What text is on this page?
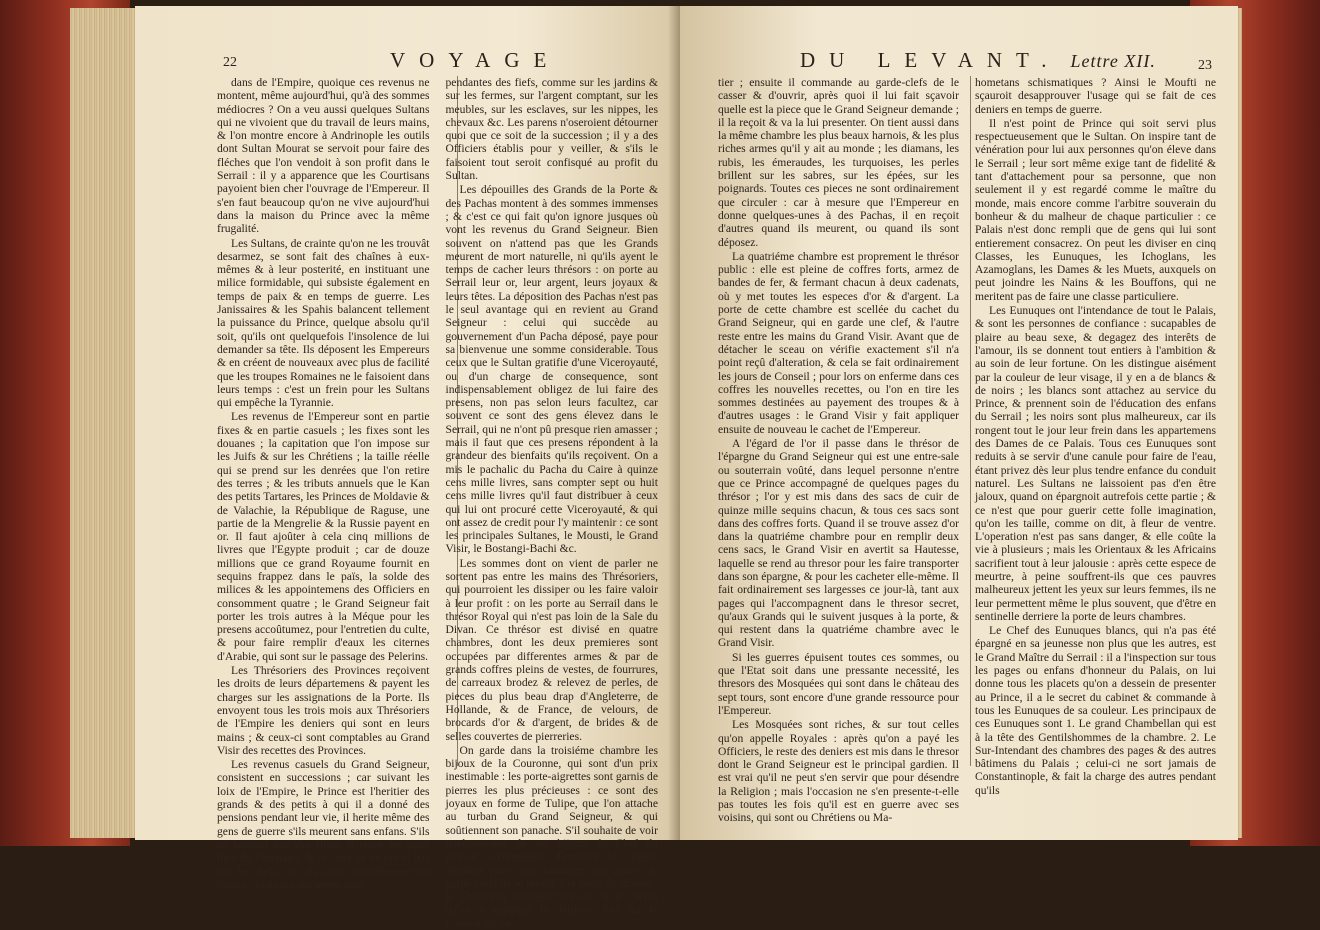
22	VOYAGE

dans de l'Empire, quoique ces revenus ne montent, même aujourd'hui, qu'à des sommes médiocres ? On a veu aussi quelques Sultans qui ne vivoient que du travail de leurs mains, & l'on montre encore à Andrinople les outils dont Sultan Mourat se servoit pour faire des fléches que l'on vendoit à son profit dans le Serrail : il y a apparence que les Courtisans payoient bien cher l'ouvrage de l'Empereur. Il s'en faut beaucoup qu'on ne vive aujourd'hui dans la maison du Prince avec la même frugalité.

Les Sultans, de crainte qu'on ne les trouvât desarmez, se sont fait des chaînes à eux-mêmes & à leur posterité, en instituant une milice formidable, qui subsiste également en temps de paix & en temps de guerre. Les Janissaires & les Spahis balancent tellement la puissance du Prince, quelque absolu qu'il soit, qu'ils ont quelquefois l'insolence de lui demander sa tête. Ils déposent les Empereurs & en créent de nouveaux avec plus de facilité que les troupes Romaines ne le faisoient dans leurs temps : c'est un frein pour les Sultans qui empêche la Tyrannie.

Les revenus de l'Empereur sont en partie fixes & en partie casuels ; les fixes sont les douanes ; la capitation que l'on impose sur les Juifs & sur les Chrétiens ; la taille réelle qui se prend sur les denrées que l'on retire des terres ; & les tributs annuels que le Kan des petits Tartares, les Princes de Moldavie & de Valachie, la République de Raguse, une partie de la Mengrelie & la Russie payent en or. Il faut ajoûter à cela cinq millions de livres que l'Egypte produit ; car de douze millions que ce grand Royaume fournit en sequins frappez dans le païs, la solde des milices & les appointemens des Officiers en consomment quatre ; le Grand Seigneur fait porter les trois autres à la Méque pour les presens accoûtumez, pour l'entretien du culte, & pour faire remplir d'eaux les citernes d'Arabie, qui sont sur le passage des Pelerins.

Les Thrésoriers des Provinces reçoivent les droits de leurs départemens & payent les charges sur les assignations de la Porte. Ils envoyent tous les trois mois aux Thrésoriers de l'Empire les deniers qui sont en leurs mains ; & ceux-ci sont comptables au Grand Visir des recettes des Provinces.

Les revenus casuels du Grand Seigneur, consistent en successions ; car suivant les loix de l'Empire, le Prince est l'heritier des grands & des petits à qui il a donné des pensions pendant leur vie, il herite même des gens de guerre s'ils meurent sans enfans. S'ils ne laissent que des filles, il retire les deux tiers de l'heritage, & ce tiers ne se prend pas sur les fiefs, car ils sont naturellement au Prince ; mais sur ses terres indé-

pendantes des fiefs, comme sur les jardins & sur les fermes, sur l'argent comptant, sur les meubles, sur les esclaves, sur les nippes, les chevaux &c. Les parens n'oseroient détourner quoi que ce soit de la succession ; il y a des Officiers établis pour y veiller, & s'ils le faisoient tout seroit confisqué au profit du Sultan.

Les dépouilles des Grands de la Porte & des Pachas montent à des sommes immenses ; & c'est ce qui fait qu'on ignore jusques où vont les revenus du Grand Seigneur. Bien souvent on n'attend pas que les Grands meurent de mort naturelle, ni qu'ils ayent le temps de cacher leurs thrésors : on porte au Serrail leur or, leur argent, leurs joyaux & leurs têtes. La déposition des Pachas n'est pas le seul avantage qui en revient au Grand Seigneur : celui qui succède au gouvernement d'un Pacha déposé, paye pour sa bienvenue une somme considerable. Tous ceux que le Sultan gratifie d'une Viceroyauté, ou d'un charge de consequence, sont indispensablement obligez de lui faire des presens, non pas selon leurs facultez, car souvent ce sont des gens élevez dans le Serrail, qui ne n'ont pû presque rien amasser ; mais il faut que ces presens répondent à la grandeur des bienfaits qu'ils reçoivent. On a mis le pachalic du Pacha du Caire à quinze cens mille livres, sans compter sept ou huit cens mille livres qu'il faut distribuer à ceux qui lui ont procuré cette Viceroyauté, & qui ont assez de credit pour l'y maintenir : ce sont les principales Sultanes, le Mousti, le Grand Visir, le Bostangi-Bachi &c.

Les sommes dont on vient de parler ne sortent pas entre les mains des Thrésoriers, qui pourroient les dissiper ou les faire valoir à leur profit : on les porte au Serrail dans le thrésor Royal qui n'est pas loin de la Sale du Divan. Ce thrésor est divisé en quatre chambres, dont les deux premieres sont occupées par differentes armes & par de grands coffres pleins de vestes, de fourrures, de carreaux brodez & relevez de perles, de pieces du plus beau drap d'Angleterre, de Hollande, & de France, de velours, de brocards d'or & d'argent, de brides & de selles couvertes de pierreries.

On garde dans la troisiéme chambre les bijoux de la Couronne, qui sont d'un prix inestimable : les porte-aigrettes sont garnis de pierres les plus précieuses : ce sont des joyaux en forme de Tulipe, que l'on attache au turban du Grand Seigneur, & qui soûtiennent son panache. S'il souhaite de voir quelques-uns de ses bijoux, le Chef du thrésor accompagné d'environ 60. pages destinez pour cette chambre, fait avertir le garde-clefs de se rendre à la porte du thrésor : le Thrésorier reconnoît d'abord si le cachet qu'on a appliqué la derniere fois sur le cadenat est en-

DU LEVANT. Lettre XII.	23

tier ; ensuite il commande au garde-clefs de le casser & d'ouvrir, après quoi il lui fait sçavoir quelle est la piece que le Grand Seigneur demande ; il la reçoit & va la lui presenter. On tient aussi dans la même chambre les plus beaux harnois, & les plus riches armes qu'il y ait au monde ; les diamans, les rubis, les émeraudes, les turquoises, les perles brillent sur les sabres, sur les épées, sur les poignards. Toutes ces pieces ne sont ordinairement que circuler : car à mesure que l'Empereur en donne quelques-unes à des Pachas, il en reçoit d'autres quand ils meurent, ou quand ils sont déposez.

La quatriéme chambre est proprement le thrésor public : elle est pleine de coffres forts, armez de bandes de fer, & fermant chacun à deux cadenats, où y met toutes les especes d'or & d'argent. La porte de cette chambre est scellée du cachet du Grand Seigneur, qui en garde une clef, & l'autre reste entre les mains du Grand Visir. Avant que de détacher le sceau on vérifie exactement s'il n'a point reçû d'alteration, & cela se fait ordinairement les jours de Conseil ; pour lors on enferme dans ces coffres les nouvelles recettes, ou l'on en tire les sommes destinées au payement des troupes & à d'autres usages : le Grand Visir y fait appliquer ensuite de nouveau le cachet de l'Empereur.

A l'égard de l'or il passe dans le thrésor de l'épargne du Grand Seigneur qui est une entre-sale ou souterrain voûté, dans lequel personne n'entre que ce Prince accompagné de quelques pages du thrésor ; l'or y est mis dans des sacs de cuir de quinze mille sequins chacun, & tous ces sacs sont dans des coffres forts. Quand il se trouve assez d'or dans la quatriéme chambre pour en remplir deux cens sacs, le Grand Visir en avertit sa Hautesse, laquelle se rend au thresor pour les faire transporter dans son épargne, & pour les cacheter elle-même. Il fait ordinairement ses largesses ce jour-là, tant aux pages qui l'accompagnent dans le thresor secret, qu'aux Grands qui le suivent jusques à la porte, & qui restent dans la quatriéme chambre avec le Grand Visir.

Si les guerres épuisent toutes ces sommes, ou que l'Etat soit dans une pressante necessité, les thresors des Mosquées qui sont dans le château des sept tours, sont encore d'une grande ressource pour l'Empereur.

Les Mosquées sont riches, & sur tout celles qu'on appelle Royales : après qu'on a payé les Officiers, le reste des deniers est mis dans le thresor dont le Grand Seigneur est le principal gardien. Il est vrai qu'il ne peut s'en servir que pour désendre la Religion ; mais l'occasion ne s'en presente-t-elle pas toutes les fois qu'il est en guerre avec ses voisins, qui sont ou Chrétiens ou Ma-

hometans schismatiques ? Ainsi le Moufti ne sçauroit desapprouver l'usage qui se fait de ces deniers en temps de guerre.

Il n'est point de Prince qui soit servi plus respectueusement que le Sultan. On inspire tant de vénération pour lui aux personnes qu'on éleve dans le Serrail ; leur sort même exige tant de fidelité & tant d'attachement pour sa personne, que non seulement il y est regardé comme le maître du monde, mais encore comme l'arbitre souverain du bonheur & du malheur de chaque particulier : ce Palais n'est donc rempli que de gens qui lui sont entierement consacrez. On peut les diviser en cinq Classes, les Eunuques, les Ichoglans, les Azamoglans, les Dames & les Muets, auxquels on peut joindre les Nains & les Bouffons, qui ne meritent pas de faire une classe particuliere.

Les Eunuques ont l'intendance de tout le Palais, & sont les personnes de confiance : sucapables de plaire au beau sexe, & degagez des interêts de l'amour, ils se donnent tout entiers à l'ambition & au soin de leur fortune. On les distingue aisément par la couleur de leur visage, il y en a de blancs & de noirs ; les blancs sont attachez au service du Prince, & prennent soin de l'éducation des enfans du Serrail ; les noirs sont plus malheureux, car ils rongent tout le jour leur frein dans les appartemens des Dames de ce Palais. Tous ces Eunuques sont reduits à se servir d'une canule pour faire de l'eau, étant privez dès leur plus tendre enfance du conduit naturel. Les Sultans ne laissoient pas d'en être jaloux, quand on épargnoit autrefois cette partie ; & ce n'est que pour guerir cette folle imagination, qu'on les taille, comme on dit, à fleur de ventre. L'operation n'est pas sans danger, & elle coûte la vie à plusieurs ; mais les Orientaux & les Africains sacrifient tout à leur jalousie : après cette espece de meurtre, à peine souffrent-ils que ces pauvres malheureux jettent les yeux sur leurs femmes, ils ne leur permettent même le plus souvent, que d'être en sentinelle derriere la porte de leurs chambres.

Le Chef des Eunuques blancs, qui n'a pas été épargné en sa jeunesse non plus que les autres, est le Grand Maître du Serrail : il a l'inspection sur tous les pages ou enfans d'honneur du Palais, on lui donne tous les placets qu'on a dessein de presenter au Prince, il a le secret du cabinet & commande à tous les Eunuques de sa couleur. Les principaux de ces Eunuques sont 1. Le grand Chambellan qui est à la tête des Gentilshommes de la chambre. 2. Le Sur-Intendant des chambres des pages & des autres bâtimens du Palais ; celui-ci ne sort jamais de Constantinople, & fait la charge des autres pendant qu'ils
